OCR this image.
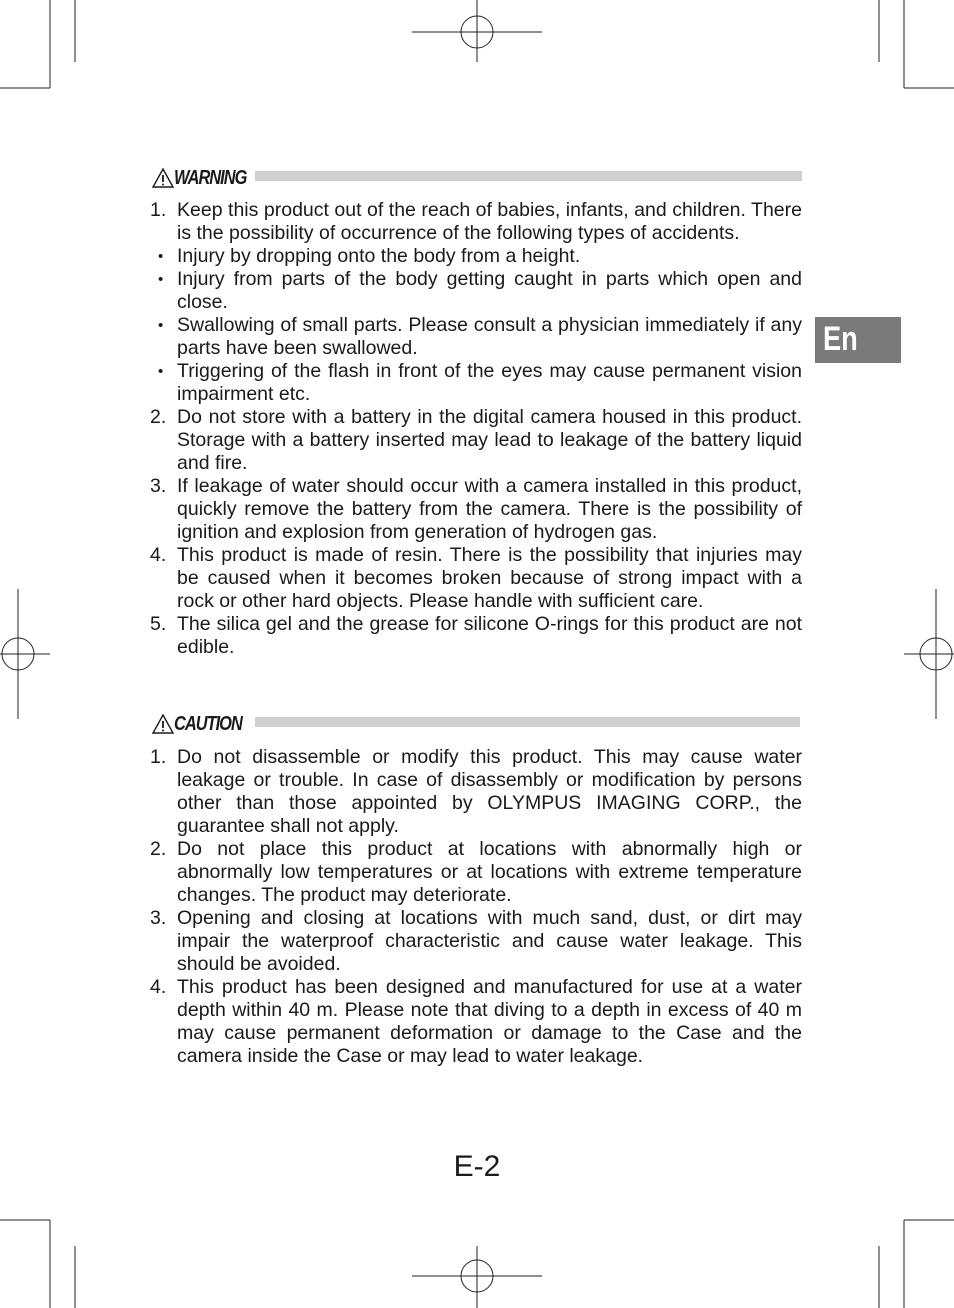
WARNING
1. Keep this product out of the reach of babies, infants, and children. There is the possibility of occurrence of the following types of accidents.
• Injury by dropping onto the body from a height.
• Injury from parts of the body getting caught in parts which open and close.
• Swallowing of small parts. Please consult a physician immediately if any parts have been swallowed.
• Triggering of the flash in front of the eyes may cause permanent vision impairment etc.
2. Do not store with a battery in the digital camera housed in this product. Storage with a battery inserted may lead to leakage of the battery liquid and fire.
3. If leakage of water should occur with a camera installed in this product, quickly remove the battery from the camera. There is the possibility of ignition and explosion from generation of hydrogen gas.
4. This product is made of resin. There is the possibility that injuries may be caused when it becomes broken because of strong impact with a rock or other hard objects. Please handle with sufficient care.
5. The silica gel and the grease for silicone O-rings for this product are not edible.
CAUTION
1. Do not disassemble or modify this product. This may cause water leakage or trouble. In case of disassembly or modification by persons other than those appointed by OLYMPUS IMAGING CORP., the guarantee shall not apply.
2. Do not place this product at locations with abnormally high or abnormally low temperatures or at locations with extreme temperature changes. The product may deteriorate.
3. Opening and closing at locations with much sand, dust, or dirt may impair the waterproof characteristic and cause water leakage. This should be avoided.
4. This product has been designed and manufactured for use at a water depth within 40 m. Please note that diving to a depth in excess of 40 m may cause permanent deformation or damage to the Case and the camera inside the Case or may lead to water leakage.
En
E-2
